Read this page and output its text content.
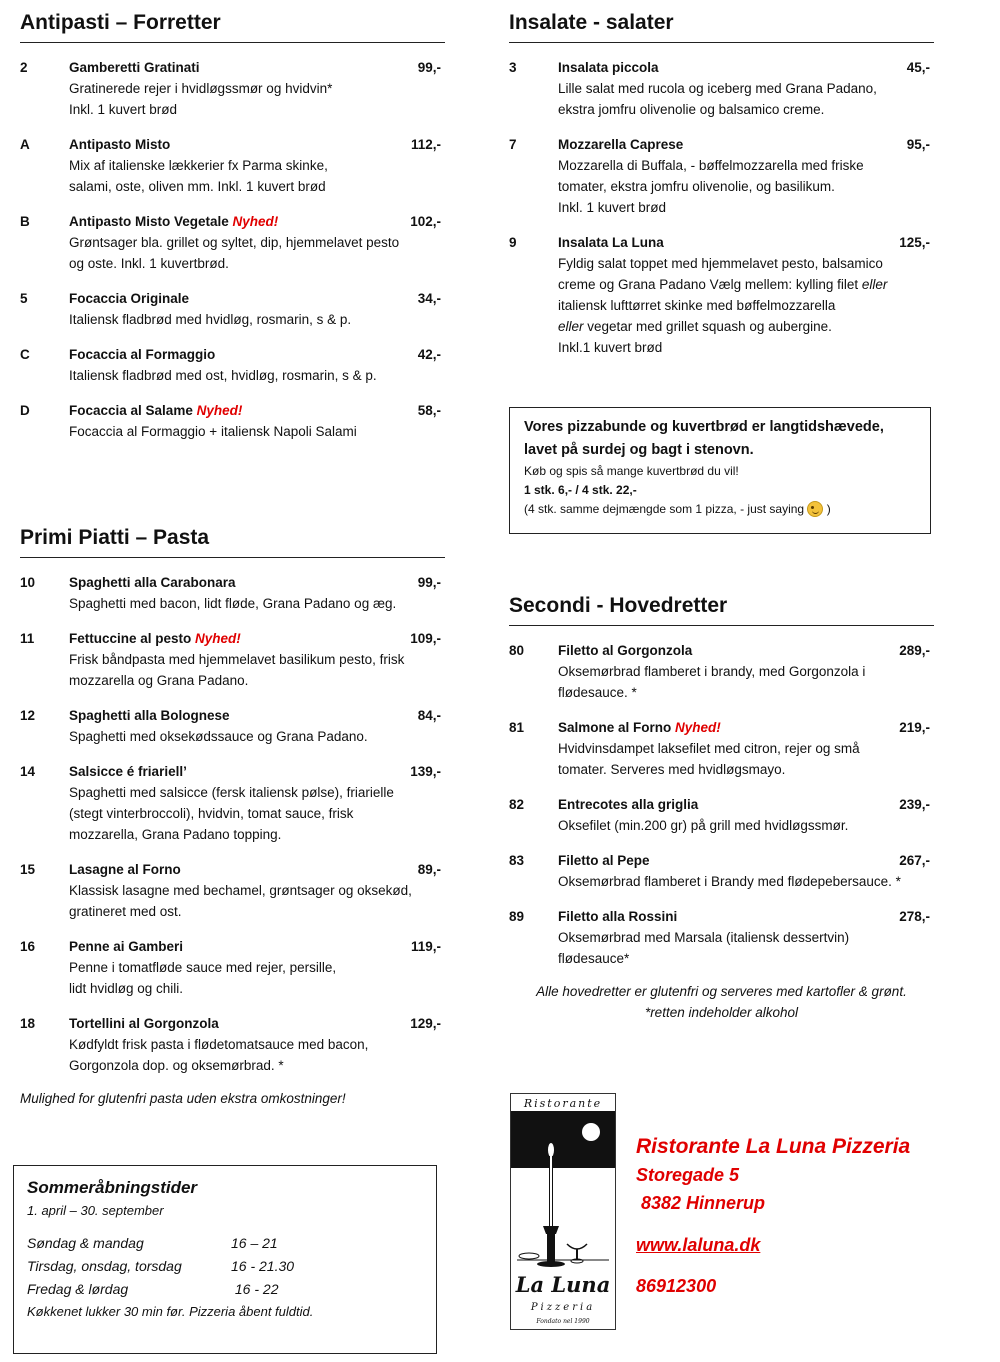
Antipasti – Forretter
2	Gamberetti Gratinati	99,-
Gratinerede rejer i hvidløgssmør og hvidvin*
Inkl. 1 kuvert brød
A	Antipasto Misto	112,-
Mix af italienske lækkerier fx Parma skinke,
salami, oste, oliven mm. Inkl. 1 kuvert brød
B	Antipasto Misto Vegetale Nyhed!	102,-
Grøntsager bla. grillet og syltet, dip, hjemmelavet pesto
og oste. Inkl. 1 kuvertbrød.
5	Focaccia Originale	34,-
Italiensk fladbrød med hvidløg, rosmarin, s & p.
C	Focaccia al Formaggio	42,-
Italiensk fladbrød med ost, hvidløg, rosmarin, s & p.
D	Focaccia al Salame Nyhed!	58,-
Focaccia al Formaggio + italiensk Napoli Salami
Primi Piatti – Pasta
10	Spaghetti alla Carabonara	99,-
Spaghetti med bacon, lidt fløde, Grana Padano og æg.
11	Fettuccine al pesto Nyhed!	109,-
Frisk båndpasta med hjemmelavet basilikum pesto, frisk
mozzarella og Grana Padano.
12	Spaghetti alla Bolognese	84,-
Spaghetti med oksekødssauce og Grana Padano.
14	Salsicce é friariell’	139,-
Spaghetti med salsicce (fersk italiensk pølse), friarielle
(stegt vinterbroccoli), hvidvin, tomat sauce, frisk
mozzarella, Grana Padano topping.
15	Lasagne al Forno	89,-
Klassisk lasagne med bechamel, grøntsager og oksekød,
gratineret med ost.
16	Penne ai Gamberi	119,-
Penne i tomatfløde sauce med rejer, persille,
lidt hvidløg og chili.
18	Tortellini al Gorgonzola	129,-
Kødfyldt frisk pasta i flødetomatsauce med bacon,
Gorgonzola dop. og oksemørbrad. *
Mulighed for glutenfri pasta uden ekstra omkostninger!
Insalate - salater
3	Insalata piccola	45,-
Lille salat med rucola og iceberg med Grana Padano,
ekstra jomfru olivenolie og balsamico creme.
7	Mozzarella Caprese	95,-
Mozzarella di Buffala, - bøffelmozzarella med friske
tomater, ekstra jomfru olivenolie, og basilikum.
Inkl. 1 kuvert brød
9	Insalata La Luna	125,-
Fyldig salat toppet med hjemmelavet pesto, balsamico
creme og Grana Padano Vælg mellem: kylling filet eller
italiensk lufttørret skinke med bøffelmozzarella
eller vegetar med grillet squash og aubergine.
Inkl.1 kuvert brød
Secondi - Hovedretter
80	Filetto al Gorgonzola	289,-
Oksemørbrad flamberet i brandy, med Gorgonzola i
flødesauce. *
81	Salmone al Forno Nyhed!	219,-
Hvidvinsdampet laksefilet med citron, rejer og små
tomater. Serveres med hvidløgsmayo.
82	Entrecotes alla griglia	239,-
Oksefilet (min.200 gr) på grill med hvidløgssmør.
83	Filetto al Pepe	267,-
Oksemørbrad flamberet i Brandy med flødepebersauce. *
89	Filetto alla Rossini	278,-
Oksemørbrad med Marsala (italiensk dessertvin)
flødesauce*
Alle hovedretter er glutenfri og serveres med kartofler & grønt.
*retten indeholder alkohol
Vores pizzabunde og kuvertbrød er langtidshævede,
lavet på surdej og bagt i stenovn.
Køb og spis så mange kuvertbrød du vil!
1 stk. 6,- / 4 stk. 22,-
(4 stk. samme dejmængde som 1 pizza, - just saying )
Sommeråbningstider
1. april – 30. september
Søndag & mandag	16 – 21
Tirsdag, onsdag, torsdag	16 - 21.30
Fredag & lørdag	16 - 22
Køkkenet lukker 30 min før. Pizzeria åbent fuldtid.
Ristorante
La Luna
Pizzeria
Fondato nel 1990
Ristorante La Luna Pizzeria
Storegade 5
8382 Hinnerup
www.laluna.dk
86912300
